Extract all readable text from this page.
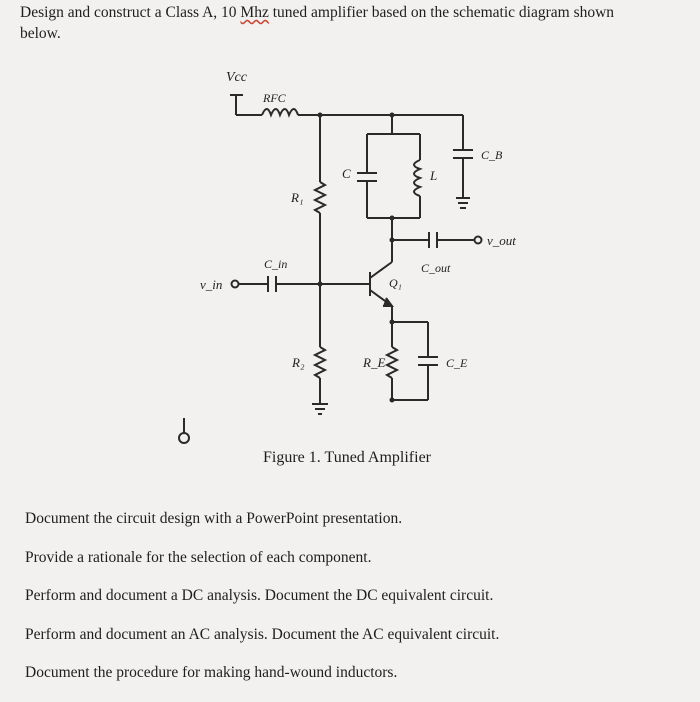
Design and construct a Class A, 10 Mhz tuned amplifier based on the schematic diagram shown
below.
Vcc
RFC
R₁
C	L
C_B
v_out
C_out
C_in
v_in	Q₁
R₂	R_E	C_E
Figure 1. Tuned Amplifier
Document the circuit design with a PowerPoint presentation.
Provide a rationale for the selection of each component.
Perform and document a DC analysis. Document the DC equivalent circuit.
Perform and document an AC analysis. Document the AC equivalent circuit.
Document the procedure for making hand-wound inductors.
